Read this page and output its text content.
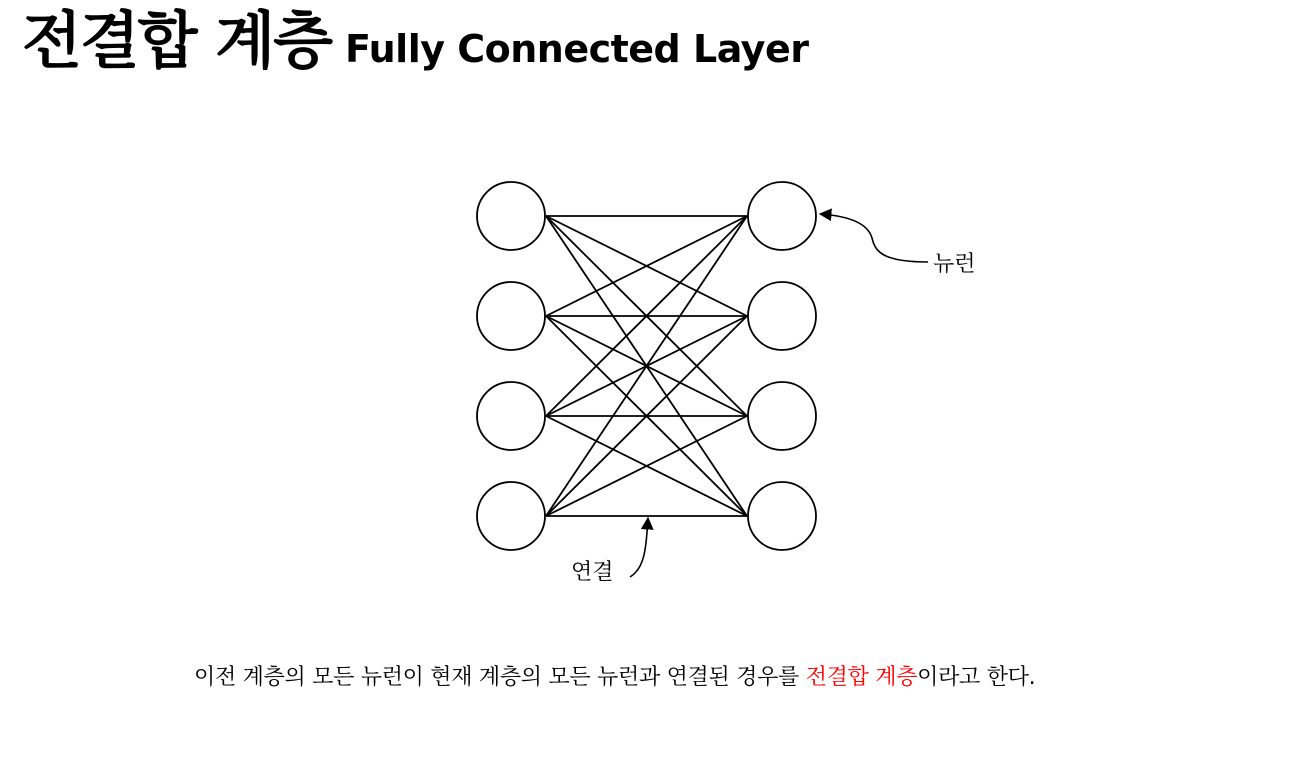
전결합 계층 Fully Connected Layer
뉴런
연결
이전 계층의 모든 뉴런이 현재 계층의 모든 뉴런과 연결된 경우를 전결합 계층이라고 한다.
